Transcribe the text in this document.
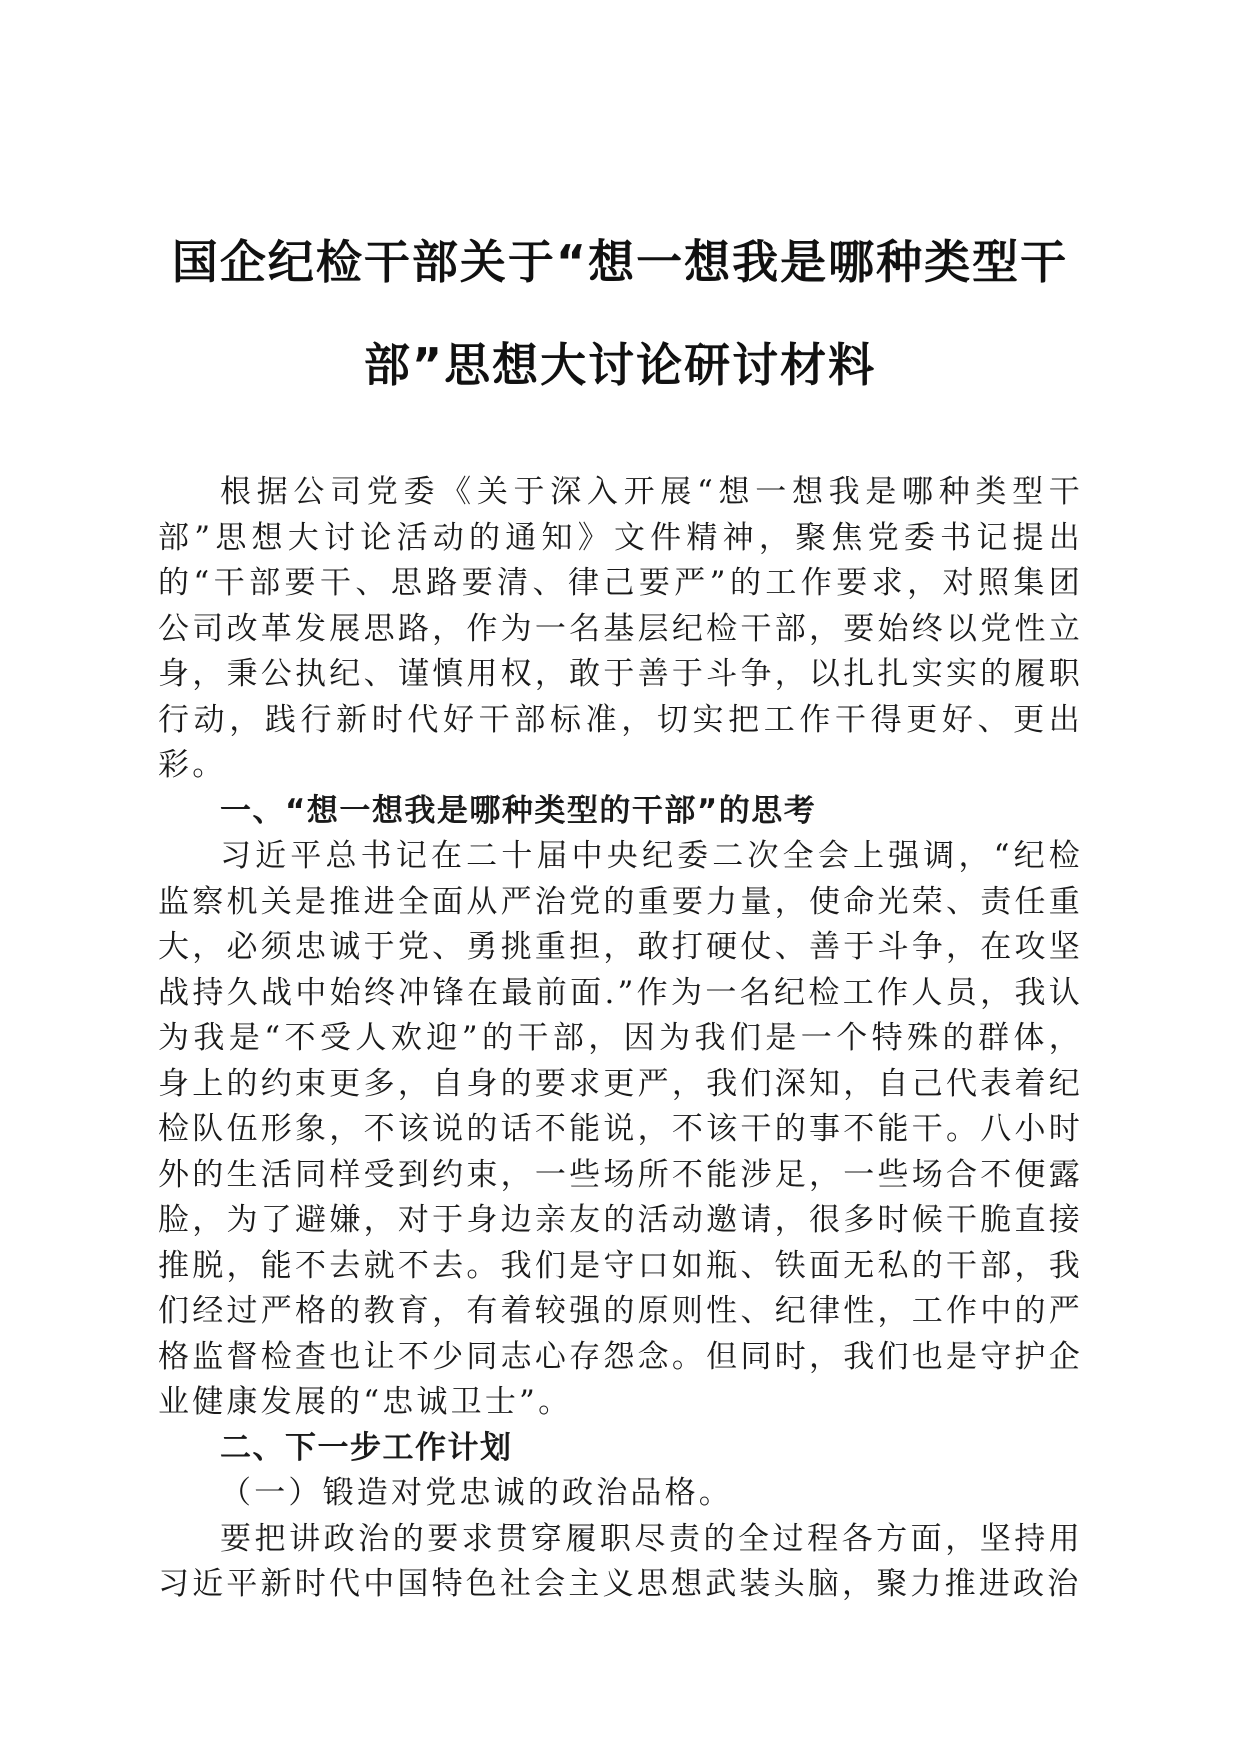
国企纪检干部关于“想一想我是哪种类型干
部”思想大讨论研讨材料

根据公司党委《关于深入开展“想一想我是哪种类型干部”思想大讨论活动的通知》文件精神，聚焦党委书记提出的“干部要干、思路要清、律己要严”的工作要求，对照集团公司改革发展思路，作为一名基层纪检干部，要始终以党性立身，秉公执纪、谨慎用权，敢于善于斗争，以扎扎实实的履职行动，践行新时代好干部标准，切实把工作干得更好、更出彩。

一、“想一想我是哪种类型的干部”的思考

习近平总书记在二十届中央纪委二次全会上强调，“纪检监察机关是推进全面从严治党的重要力量，使命光荣、责任重大，必须忠诚于党、勇挑重担，敢打硬仗、善于斗争，在攻坚战持久战中始终冲锋在最前面.”作为一名纪检工作人员，我认为我是“不受人欢迎”的干部，因为我们是一个特殊的群体，身上的约束更多，自身的要求更严，我们深知，自己代表着纪检队伍形象，不该说的话不能说，不该干的事不能干。八小时外的生活同样受到约束，一些场所不能涉足，一些场合不便露脸，为了避嫌，对于身边亲友的活动邀请，很多时候干脆直接推脱，能不去就不去。我们是守口如瓶、铁面无私的干部，我们经过严格的教育，有着较强的原则性、纪律性，工作中的严格监督检查也让不少同志心存怨念。但同时，我们也是守护企业健康发展的“忠诚卫士”。

二、下一步工作计划

（一）锻造对党忠诚的政治品格。

要把讲政治的要求贯穿履职尽责的全过程各方面，坚持用习近平新时代中国特色社会主义思想武装头脑，聚力推进政治
